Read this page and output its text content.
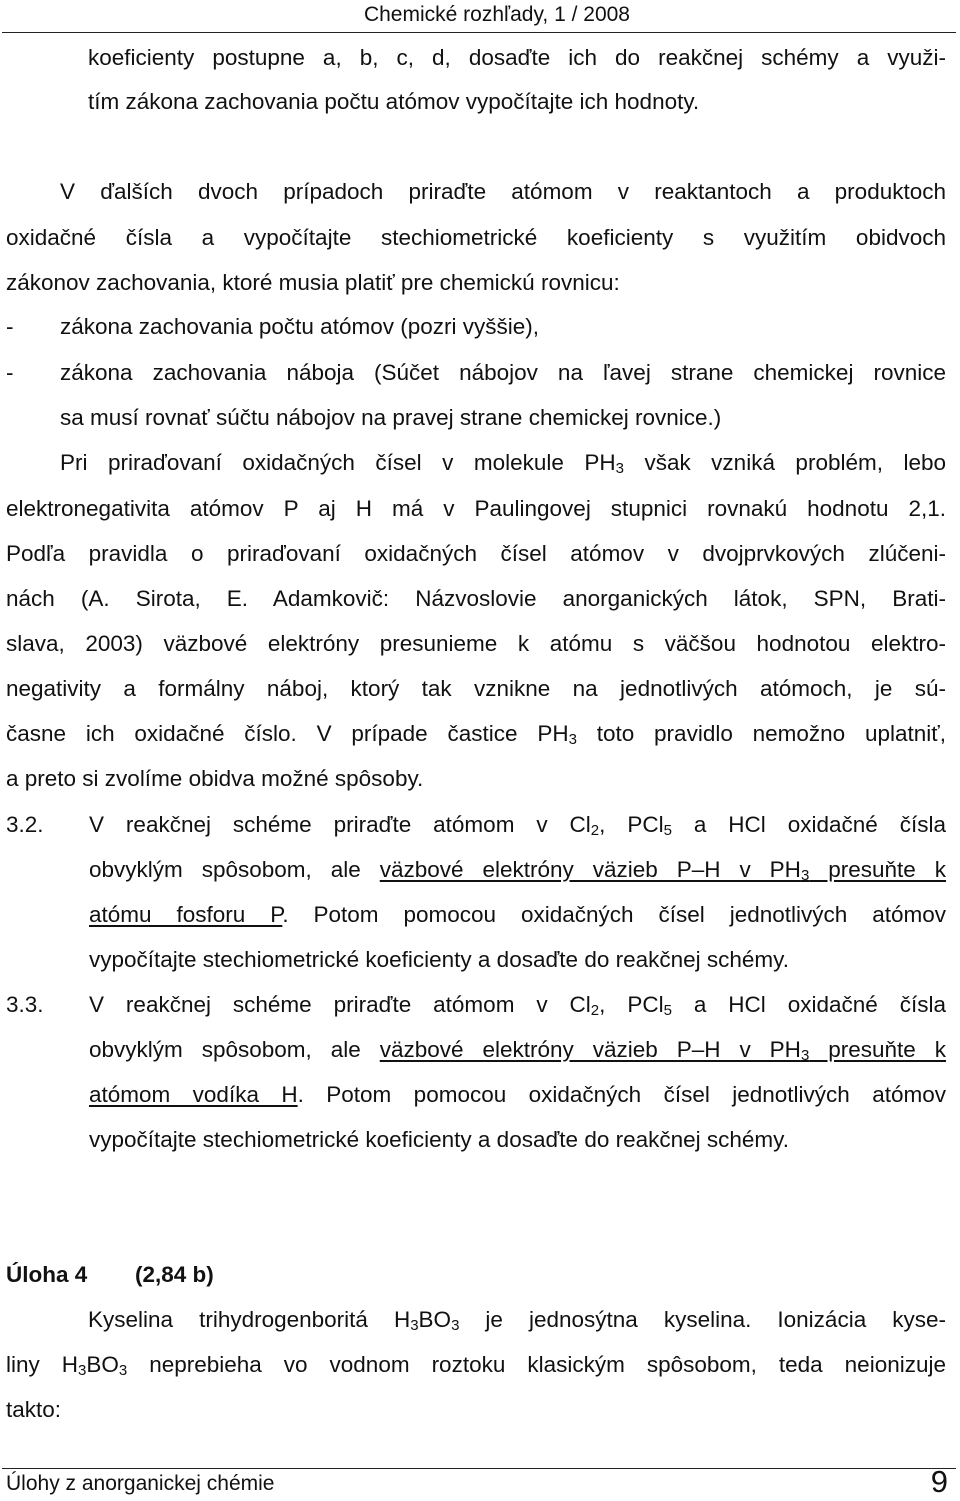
Chemické rozhľady, 1 / 2008
koeficienty postupne a, b, c, d, dosaďte ich do reakčnej schémy a využi-
tím zákona zachovania počtu atómov vypočítajte ich hodnoty.
V ďalších dvoch prípadoch priraďte atómom v reaktantoch a produktoch
oxidačné čísla a vypočítajte stechiometrické koeficienty s využitím obidvoch
zákonov zachovania, ktoré musia platiť pre chemickú rovnicu:
- zákona zachovania počtu atómov (pozri vyššie),
- zákona zachovania náboja (Súčet nábojov na ľavej strane chemickej rovnice
sa musí rovnať súčtu nábojov na pravej strane chemickej rovnice.)
Pri priraďovaní oxidačných čísel v molekule $PH_3$ však vzniká problém, lebo
elektronegativita atómov P aj H má v Paulingovej stupnici rovnakú hodnotu 2,1.
Podľa pravidla o priraďovaní oxidačných čísel atómov v dvojprvkových zlúčeni-
nách (A. Sirota, E. Adamkovič: Názvoslovie anorganických látok, SPN, Brati-
slava, 2003) väzbové elektróny presunieme k atómu s väčšou hodnotou elektro-
negativity a formálny náboj, ktorý tak vznikne na jednotlivých atómoch, je sú-
časne ich oxidačné číslo. V prípade častice $PH_3$ toto pravidlo nemožno uplatniť,
a preto si zvolíme obidva možné spôsoby.
3.2. V reakčnej schéme priraďte atómom v $Cl_2$, PCl$_5$ a HCl oxidačné čísla
obvyklým spôsobom, ale väzbové elektróny väzieb P–H v $PH_3$ presuňte k
atómu fosforu P. Potom pomocou oxidačných čísel jednotlivých atómov
vypočítajte stechiometrické koeficienty a dosaďte do reakčnej schémy.
3.3. V reakčnej schéme priraďte atómom v $Cl_2$, PCl$_5$ a HCl oxidačné čísla
obvyklým spôsobom, ale väzbové elektróny väzieb P–H v $PH_3$ presuňte k
atómom vodíka H. Potom pomocou oxidačných čísel jednotlivých atómov
vypočítajte stechiometrické koeficienty a dosaďte do reakčnej schémy.
Úloha 4 (2,84 b)
Kyselina trihydrogenboritá $H_3BO_3$ je jednosýtna kyselina. Ionizácia kyse-
liny $H_3BO_3$ neprebieha vo vodnom roztoku klasickým spôsobom, teda neionizuje
takto:
Úlohy z anorganickej chémie	9
